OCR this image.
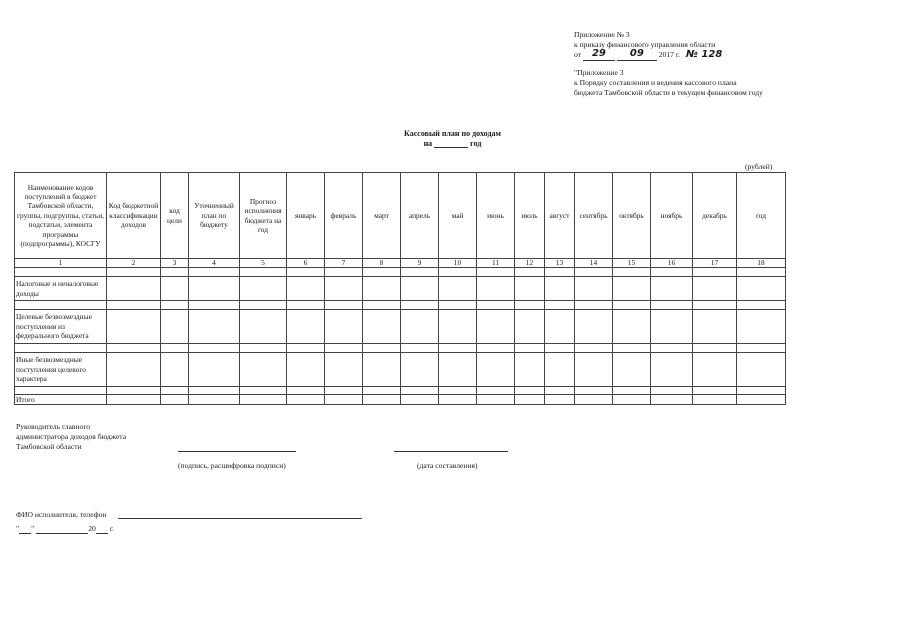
Приложение № 3
к приказу финансового управления области
от 29 09 2017 г. № 128
"Приложение 3
к Порядку составления и ведения кассового плана
бюджета Тамбовской области в текущем финансовом году
Кассовый план по доходам
на	год
(рублей)
Наименование кодов поступлений в бюджет Тамбовской области, группы, подгруппы, статьи, подстатьи, элемента программы (подпрограммы), КОСГУ	Код бюджетной классификации доходов	код цели	Уточненный план по бюджету	Прогноз исполнения бюджета на год	январь	февраль	март	апрель	май	июнь	июль	август	сентябрь	октябрь	ноябрь	декабрь	год
1	2	3	4	5	6	7	8	9	10	11	12	13	14	15	16	17	18

Налоговые и неналоговые доходы																	

Целевые безвозмездные поступления из федерального бюджета																	

Иные безвозмездные поступления целевого характера																	

Итого																	
Руководитель главного
администратора доходов бюджета
Тамбовской области
(подпись, расшифровка подписи)	(дата составления)
ФИО исполнителя, телефон
" "	20 г.
